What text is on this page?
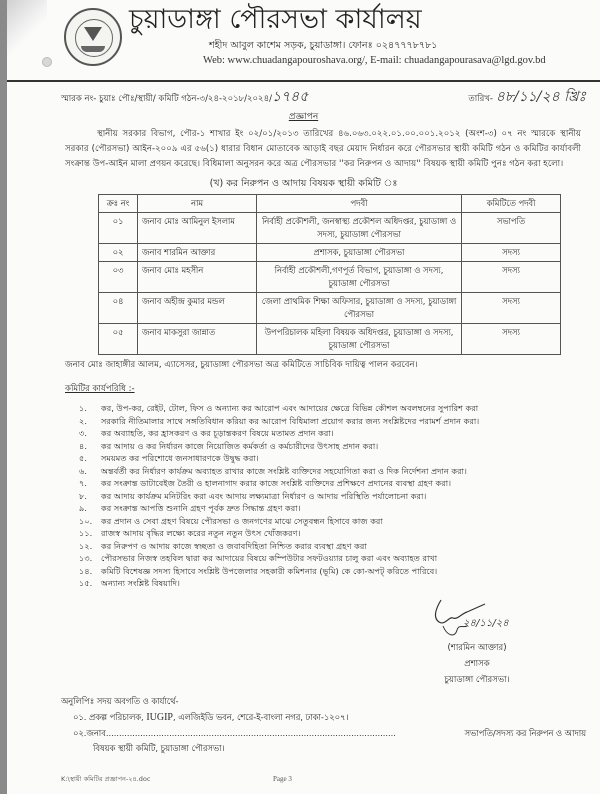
চুয়াডাঙ্গা পৌরসভা কার্যালয়
শহীদ আবুল কাশেম সড়ক, চুয়াডাঙ্গা। ফোনঃ ০২৪৭৭৭৮৭৮১
Web: www.chuadangapouroshava.org/, E-mail: chuadangapourasava@lgd.gov.bd
স্মারক নং- চুয়াঃ পৌঃ/স্থায়ী/ কমিটি গঠন-৩/২৪-২০১৮/২০২৪/১৭৪৫	তারিখ- ৪৮/১১/২৪ খ্রিঃ
প্রজ্ঞাপন
স্থানীয় সরকার বিভাগ, পৌর-১ শাখার ইং ০২/০১/২০১৩ তারিখের ৪৬.০৬৩.০২২.০১.০০.০০১.২০১২ (অংশ-৩) ০৭ নং স্মারকে স্থানীয় সরকার (পৌরসভা) আইন-২০০৯ এর ৫৬(১) ধারার বিধান মোতাবেক আড়াই বছর মেয়াদ নির্ধারন করে পৌরসভার স্থায়ী কমিটি গঠন ও কমিটির কার্যাবলী সংক্রান্ত উপ-আইন মালা প্রণয়ন করেছে। বিধিমালা অনুসরন করে অত্র পৌরসভার ''কর নিরুপন ও আদায়'' বিষয়ক স্থায়ী কমিটি পুনঃ গঠন করা হলো।
(খ) কর নিরুপন ও আদায় বিষয়ক স্থায়ী কমিটি ঃ
ক্রঃ নং	নাম	পদবী	কমিটিতে পদবী
০১	জনাব মোঃ আমিনুল ইসলাম	নির্বাহী প্রকৌশলী, জনস্বাস্থ্য প্রকৌশল অধিদপ্তর, চুয়াডাঙ্গা ও সদস্য, চুয়াডাঙ্গা পৌরসভা	সভাপতি
০২	জনাব শারমিন আক্তার	প্রশাসক, চুয়াডাঙ্গা পৌরসভা	সদস্য
০৩	জনাব মোঃ মহসীন	নির্বাহী প্রকৌশলী,গণপূর্ত বিভাগ, চুয়াডাঙ্গা ও সদস্য, চুয়াডাঙ্গা পৌরসভা	সদস্য
০৪	জনাব অহীন্দ্র কুমার মন্ডল	জেলা প্রাথমিক শিক্ষা অফিসার, চুয়াডাঙ্গা ও সদস্য, চুয়াডাঙ্গা পৌরসভা	সদস্য
০৫	জনাব মাকসুরা জান্নাত	উপপরিচালক মহিলা বিষয়ক অধিদপ্তর, চুয়াডাঙ্গা ও সদস্য, চুয়াডাঙ্গা পৌরসভা	সদস্য
জনাব মোঃ জাহাঙ্গীর আলম, এ্যাসেসর, চুয়াডাঙ্গা পৌরসভা অত্র কমিটিতে সাচিবিক দায়িত্ব পালন করবেন।
কমিটির কার্যপরিধি :-
১.	কর, উপ-কর, রেইট, টোল, ফিস ও অন্যান্য কর আরোপ এবং আদায়ের ক্ষেত্রে বিভিন্ন কৌশল অবলম্বনের সুপারিশ করা
২.	সরকারি নীতিমালার সাথে সঙ্গতিবিধান করিয়া কর আরোপ বিধিমালা প্রয়োগ করার জন্য সংশ্লিষ্টদের পরামর্শ প্রদান করা।
৩.	কর অব্যাহতি, কর হ্রাসকরণ ও কর চূড়ান্তকরণ বিষয়ে মতামত প্রদান করা।
৪.	কর আদায় ও কর নির্ধারন কাজে নিয়োজিত কর্মকর্তা ও কর্মচারীদের উৎসাহ প্রদান করা।
৫.	সময়মত কর পরিশোধে জনসাধারণকে উদ্বুদ্ধ করা।
৬.	অন্তর্বর্তী কর নির্ধারণ কার্যক্রম অব্যাহত রাখার কাজে সংশ্লিষ্ট ব্যক্তিদের সহযোগিতা করা ও দিক নির্দেশনা প্রদান করা।
৭.	কর সংক্রান্ত ডাটাবেইজ তৈরী ও হালনাগাদ করার কাজে সংশ্লিষ্ট ব্যক্তিদের প্রশিক্ষণে প্রদানের ব্যবস্থা গ্রহণ করা।
৮.	কর আদায় কার্যক্রম মনিটরিং করা এবং আদায় লক্ষ্যমাত্রা নির্ধারণ ও আদায় পরিস্থিতি পর্যালোচনা করা।
৯.	কর সংক্রান্ত আপত্তি শুনানি গ্রহণ পূর্বক দ্রুত সিদ্ধান্ত গ্রহণ করা।
১০.	কর প্রদান ও সেবা গ্রহণ বিষয়ে পৌরসভা ও জনগণের মাঝে সেতুবন্ধন হিসাবে কাজ করা
১১.	রাজস্ব আদায় বৃদ্ধির লক্ষ্যে করের নতুন নতুন উৎস খোঁজকরণ।
১২.	কর নিরুপণ ও আদায় কাজে স্বচ্ছতা ও জবাবদিহিতা নিশ্চিত করার ব্যবস্থা গ্রহণ করা
১৩.	পৌরসভার নিজস্ব তহবিল দ্বারা কর আদায়ের বিষয়ে কম্পিউটার সফটওয়্যার চালু করা এবং অব্যাহত রাখা
১৪.	কমিটি বিশেষজ্ঞ সদস্য হিসাবে সংশ্লিষ্ট উপজেলার সহকারী কমিশনার (ভূমি) কে কো-অপট্ করিতে পারিবে।
১৫.	অন্যান্য সংশ্লিষ্ট বিষয়াদি।
২৪/১১/২৪
(শারমিন আক্তার)
প্রশাসক
চুয়াডাঙ্গা পৌরসভা।
অনুলিপিঃ সদয় অবগতি ও কার্যার্থে-
০১. প্রকল্প পরিচালক, IUGIP, এলজিইডি ভবন, শেরে-ই-বাংলা নগর, ঢাকা-১২০৭।
০২.জনাব ..............................................................................................................	সভাপতি/সদস্য কর নিরুপন ও আদায়
বিষয়ক স্থায়ী কমিটি, চুয়াডাঙ্গা পৌরসভা।
K:\স্থায়ী কমিটির প্রজ্ঞাপন-২৪.doc	Page 3
